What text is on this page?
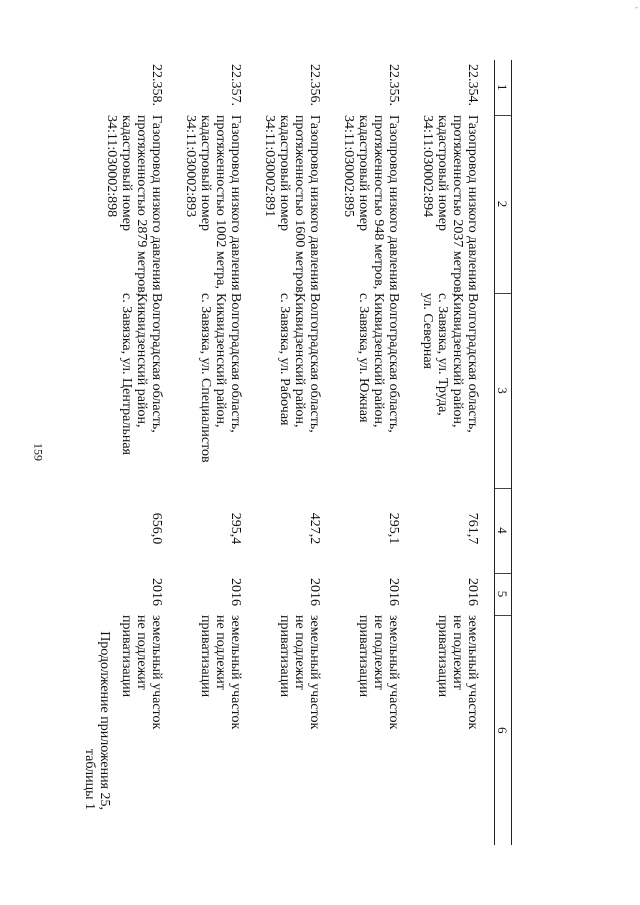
159
-
Продолжение приложения 25,
таблицы 1
1	2	3	4	5	6
22.354.	Газопровод низкого давления
протяженностью 2037 метров,
кадастровый номер
34:11:030002:894	Волгоградская область,
Киквидзенский район,
с. Завязка, ул. Труда,
ул. Северная	761,7	2016	земельный участок
не подлежит
приватизации

22.355.	Газопровод низкого давления
протяженностью 948 метров,
кадастровый номер
34:11:030002:895	Волгоградская область,
Киквидзенский район,
с. Завязка, ул. Южная	295,1	2016	земельный участок
не подлежит
приватизации

22.356.	Газопровод низкого давления
протяженностью 1600 метров,
кадастровый номер
34:11:030002:891	Волгоградская область,
Киквидзенский район,
с. Завязка, ул. Рабочая	427,2	2016	земельный участок
не подлежит
приватизации

22.357.	Газопровод низкого давления
протяженностью 1002 метра,
кадастровый номер
34:11:030002:893	Волгоградская область,
Киквидзенский район,
с. Завязка, ул. Специалистов	295,4	2016	земельный участок
не подлежит
приватизации

22.358.	Газопровод низкого давления
протяженностью 2879 метров,
кадастровый номер
34:11:030002:898	Волгоградская область,
Киквидзенский район,
с. Завязка, ул. Центральная	656,0	2016	земельный участок
не подлежит
приватизации
